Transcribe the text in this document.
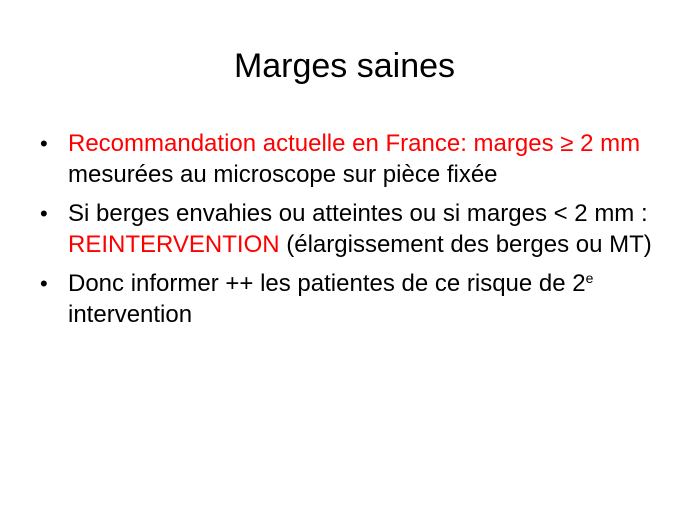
Marges saines
• Recommandation actuelle en France: marges ≥ 2 mm mesurées au microscope sur pièce fixée
• Si berges envahies ou atteintes ou si marges < 2 mm : REINTERVENTION (élargissement des berges ou MT)
• Donc informer ++ les patientes de ce risque de 2e intervention
